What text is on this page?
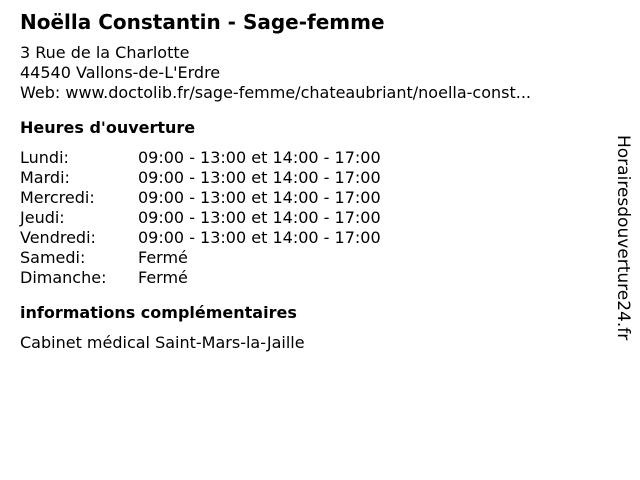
Noëlla Constantin - Sage-femme
3 Rue de la Charlotte
44540 Vallons-de-L'Erdre
Web: www.doctolib.fr/sage-femme/chateaubriant/noella-const...
Heures d'ouverture
Lundi:	09:00 - 13:00 et 14:00 - 17:00
Mardi:	09:00 - 13:00 et 14:00 - 17:00
Mercredi:	09:00 - 13:00 et 14:00 - 17:00
Jeudi:	09:00 - 13:00 et 14:00 - 17:00
Vendredi:	09:00 - 13:00 et 14:00 - 17:00
Samedi:	Fermé
Dimanche:	Fermé
informations complémentaires
Cabinet médical Saint-Mars-la-Jaille
Horairesdouverture24.fr
